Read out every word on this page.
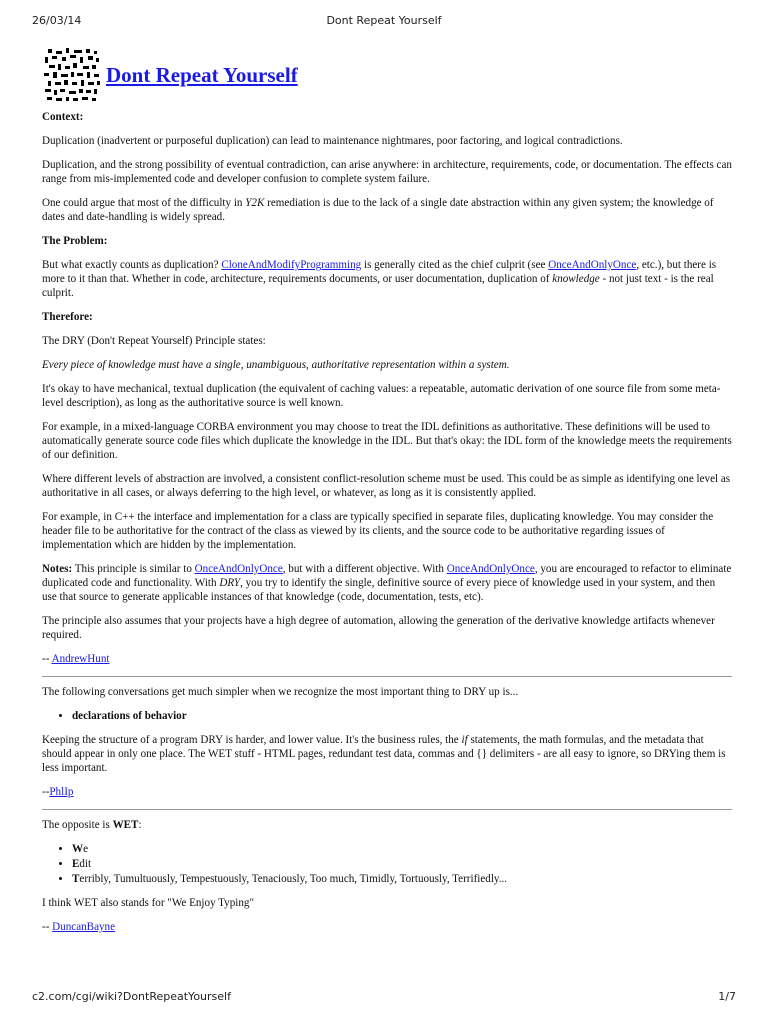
26/03/14	Dont Repeat Yourself
Dont Repeat Yourself

Context:

Duplication (inadvertent or purposeful duplication) can lead to maintenance nightmares, poor factoring, and logical contradictions.

Duplication, and the strong possibility of eventual contradiction, can arise anywhere: in architecture, requirements, code, or documentation. The effects can range from mis-implemented code and developer confusion to complete system failure.

One could argue that most of the difficulty in Y2K remediation is due to the lack of a single date abstraction within any given system; the knowledge of dates and date-handling is widely spread.

The Problem:

But what exactly counts as duplication? CloneAndModifyProgramming is generally cited as the chief culprit (see OnceAndOnlyOnce, etc.), but there is more to it than that. Whether in code, architecture, requirements documents, or user documentation, duplication of knowledge - not just text - is the real culprit.

Therefore:

The DRY (Don't Repeat Yourself) Principle states:

Every piece of knowledge must have a single, unambiguous, authoritative representation within a system.

It's okay to have mechanical, textual duplication (the equivalent of caching values: a repeatable, automatic derivation of one source file from some meta-level description), as long as the authoritative source is well known.

For example, in a mixed-language CORBA environment you may choose to treat the IDL definitions as authoritative. These definitions will be used to automatically generate source code files which duplicate the knowledge in the IDL. But that's okay: the IDL form of the knowledge meets the requirements of our definition.

Where different levels of abstraction are involved, a consistent conflict-resolution scheme must be used. This could be as simple as identifying one level as authoritative in all cases, or always deferring to the high level, or whatever, as long as it is consistently applied.

For example, in C++ the interface and implementation for a class are typically specified in separate files, duplicating knowledge. You may consider the header file to be authoritative for the contract of the class as viewed by its clients, and the source code to be authoritative regarding issues of implementation which are hidden by the implementation.

Notes: This principle is similar to OnceAndOnlyOnce, but with a different objective. With OnceAndOnlyOnce, you are encouraged to refactor to eliminate duplicated code and functionality. With DRY, you try to identify the single, definitive source of every piece of knowledge used in your system, and then use that source to generate applicable instances of that knowledge (code, documentation, tests, etc).

The principle also assumes that your projects have a high degree of automation, allowing the generation of the derivative knowledge artifacts whenever required.

-- AndrewHunt

The following conversations get much simpler when we recognize the most important thing to DRY up is...

• declarations of behavior

Keeping the structure of a program DRY is harder, and lower value. It's the business rules, the if statements, the math formulas, and the metadata that should appear in only one place. The WET stuff - HTML pages, redundant test data, commas and {} delimiters - are all easy to ignore, so DRYing them is less important.

--PhlIp

The opposite is WET:

• We
• Edit
• Terribly, Tumultuously, Tempestuously, Tenaciously, Too much, Timidly, Tortuously, Terrifiedly...

I think WET also stands for "We Enjoy Typing"

-- DuncanBayne

c2.com/cgi/wiki?DontRepeatYourself	1/7
